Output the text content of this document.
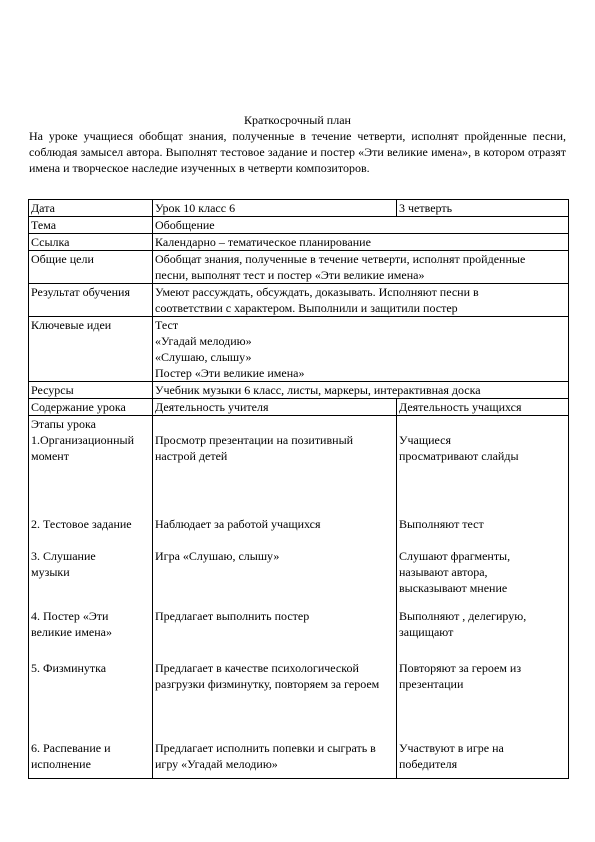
Краткосрочный план
На уроке учащиеся обобщат знания, полученные в течение четверти, исполнят пройденные песни, соблюдая замысел автора. Выполнят тестовое задание и постер «Эти великие имена», в котором отразят имена и творческое наследие изученных в четверти композиторов.
Дата	Урок 10 класс 6	3 четверть
Тема	Обобщение	
Ссылка	Календарно – тематическое планирование	
Общие цели	Обобщат знания, полученные в течение четверти, исполнят пройденные песни, выполнят тест и постер «Эти великие имена»	
Результат обучения	Умеют рассуждать, обсуждать, доказывать. Исполняют песни в соответствии с характером. Выполнили и защитили постер	
Ключевые идеи	Тест
«Угадай мелодию»
«Слушаю, слышу»
Постер «Эти великие имена»	

Ресурсы	Учебник музыки 6 класс, листы, маркеры, интерактивная доска	
Содержание урока	Деятельность учителя	Деятельность учащихся

Этапы урока
1.Организационный момент	Просмотр презентации на позитивный настрой детей	Учащиеся просматривают слайды
2. Тестовое задание	Наблюдает за работой учащихся	Выполняют тест
3. Слушание музыки	Игра «Слушаю, слышу»	Слушают фрагменты, называют автора, высказывают мнение
4. Постер «Эти великие имена»	Предлагает выполнить постер	Выполняют , делегирую, защищают
5. Физминутка	Предлагает в качестве психологической разгрузки физминутку, повторяем за героем	Повторяют за героем из презентации
6. Распевание и исполнение	Предлагает исполнить попевки и сыграть в игру «Угадай мелодию»	Участвуют в игре на победителя
